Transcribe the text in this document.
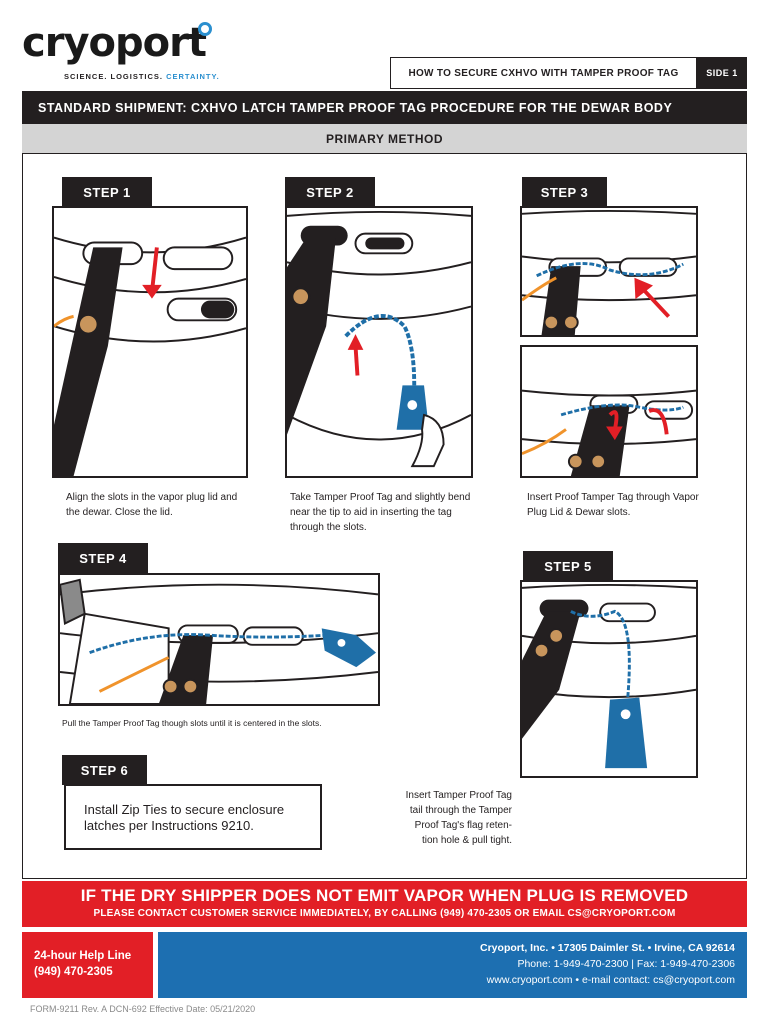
cryoport
SCIENCE. LOGISTICS. CERTAINTY.	HOW TO SECURE CXHVO WITH TAMPER PROOF TAG	SIDE 1
STANDARD SHIPMENT: CXHVO LATCH TAMPER PROOF TAG PROCEDURE FOR THE DEWAR BODY
PRIMARY METHOD
STEP 1
Align the slots in the vapor plug lid and the dewar. Close the lid.
STEP 2
Take Tamper Proof Tag and slightly bend near the tip to aid in inserting the tag through the slots.
STEP 3
Insert Proof Tamper Tag through Vapor Plug Lid & Dewar slots.
STEP 4
Pull the Tamper Proof Tag though slots until it is centered in the slots.
STEP 5
Insert Tamper Proof Tag
tail through the Tamper
Proof Tag's flag reten-
tion hole & pull tight.
STEP 6
Install Zip Ties to secure enclosure latches per Instructions 9210.
IF THE DRY SHIPPER DOES NOT EMIT VAPOR WHEN PLUG IS REMOVED
PLEASE CONTACT CUSTOMER SERVICE IMMEDIATELY, BY CALLING (949) 470-2305 OR EMAIL CS@CRYOPORT.COM
24-hour Help Line
(949) 470-2305
Cryoport, Inc. • 17305 Daimler St. • Irvine, CA 92614
Phone: 1-949-470-2300 | Fax: 1-949-470-2306
www.cryoport.com • e-mail contact: cs@cryoport.com
FORM-9211 Rev. A DCN-692 Effective Date: 05/21/2020
